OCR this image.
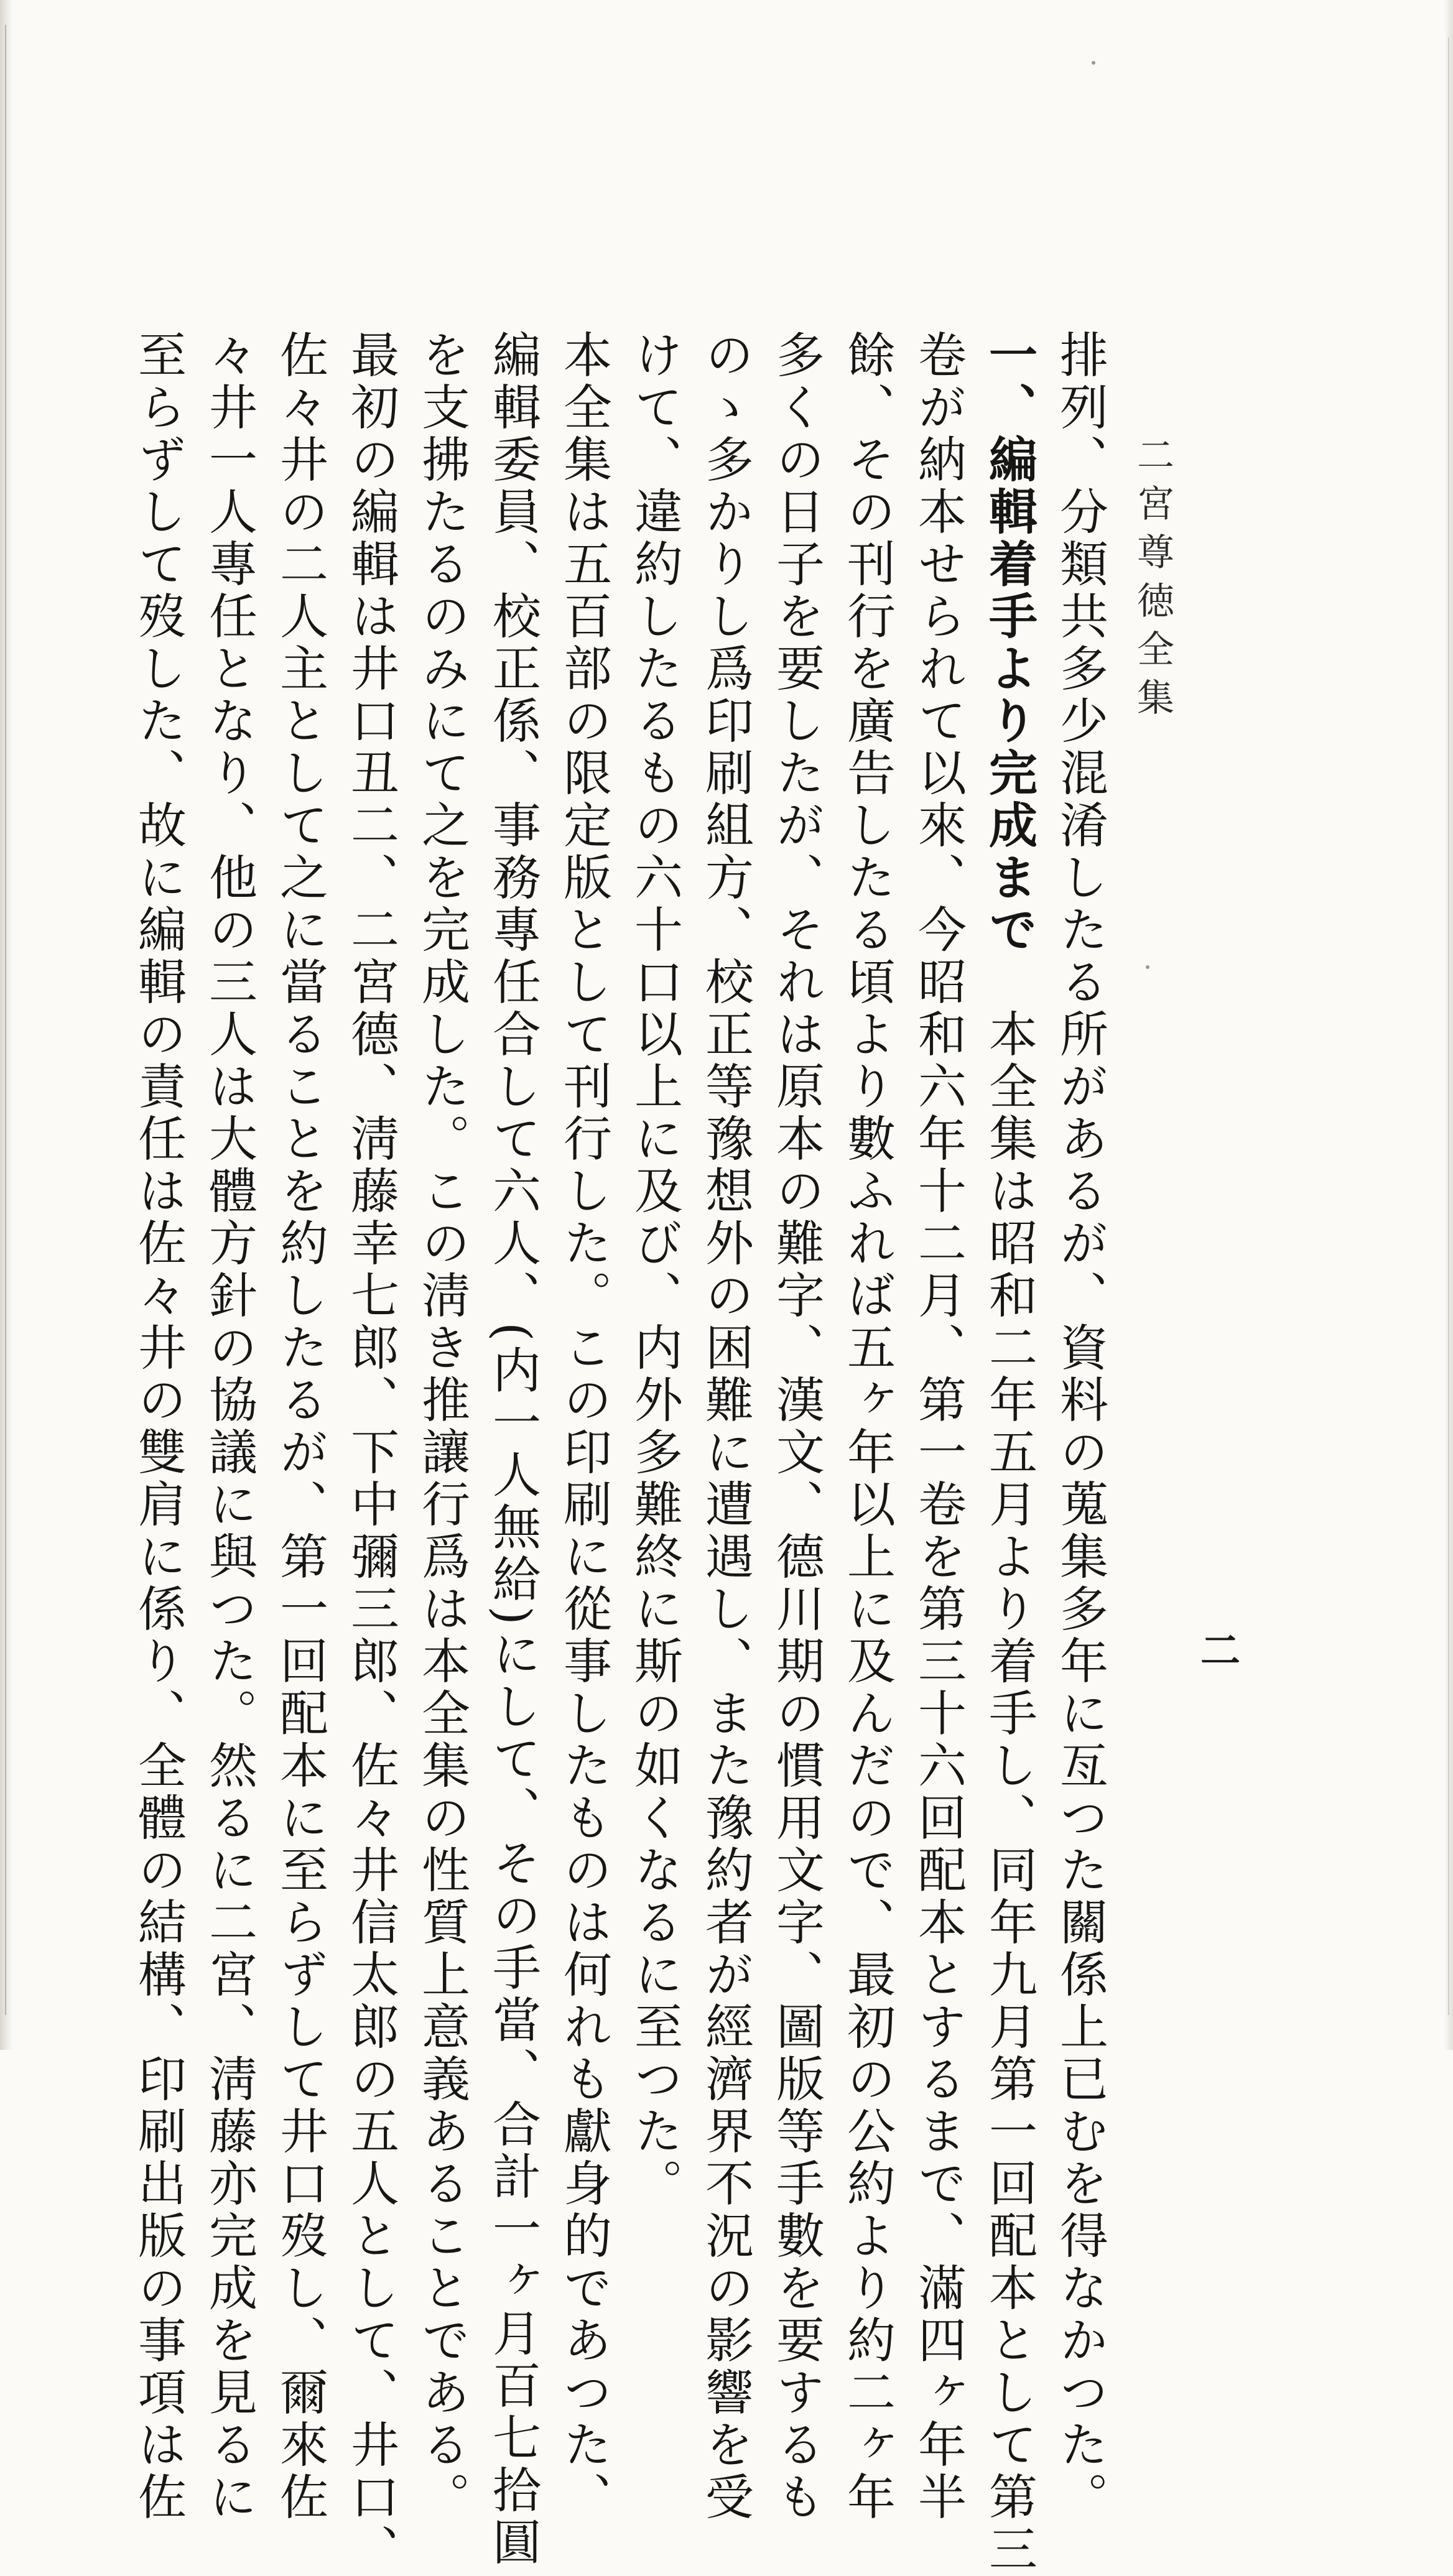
二宮尊徳全集
二
排列、分類共多少混淆したる所があるが、資料の蒐集多年に亙つた關係上已むを得なかつた。
一、編輯着手より完成まで　本全集は昭和二年五月より着手し、同年九月第一回配本として第三
卷が納本せられて以來、今昭和六年十二月、第一卷を第三十六回配本とするまで、滿四ヶ年半
餘、その刊行を廣告したる頃より數ふれば五ヶ年以上に及んだので、最初の公約より約二ヶ年
多くの日子を要したが、それは原本の難字、漢文、德川期の慣用文字、圖版等手數を要するも
のゝ多かりし爲印刷組方、校正等豫想外の困難に遭遇し、また豫約者が經濟界不況の影響を受
けて、違約したるもの六十口以上に及び、内外多難終に斯の如くなるに至つた。
本全集は五百部の限定版として刊行した。この印刷に從事したものは何れも獻身的であつた、
編輯委員、校正係、事務專任合して六人、(内一人無給)にして、その手當、合計一ヶ月百七拾圓
を支拂たるのみにて之を完成した。この淸き推讓行爲は本全集の性質上意義あることである。
最初の編輯は井口丑二、二宮德、淸藤幸七郎、下中彌三郎、佐々井信太郎の五人として、井口、
佐々井の二人主として之に當ることを約したるが、第一回配本に至らずして井口歿し、爾來佐
々井一人專任となり、他の三人は大體方針の協議に與つた。然るに二宮、淸藤亦完成を見るに
至らずして歿した、故に編輯の責任は佐々井の雙肩に係り、全體の結構、印刷出版の事項は佐
